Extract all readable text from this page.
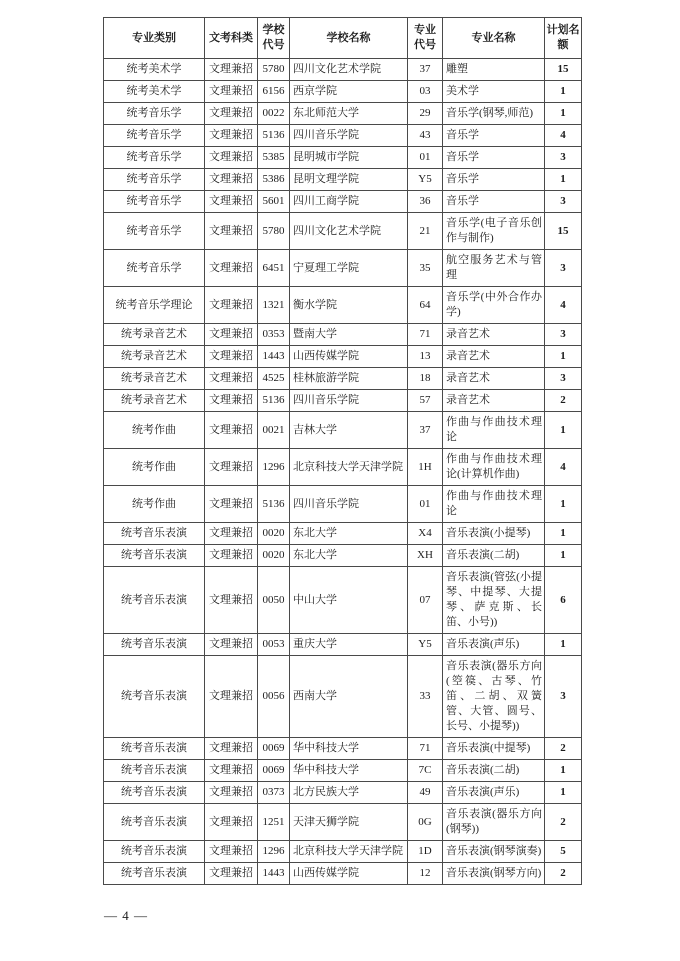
专业类别	文考科类	学校代号	学校名称	专业代号	专业名称	计划名额
统考美术学	文理兼招	5780	四川文化艺术学院	37	雕塑	15
统考美术学	文理兼招	6156	西京学院	03	美术学	1
统考音乐学	文理兼招	0022	东北师范大学	29	音乐学(钢琴,师范)	1
统考音乐学	文理兼招	5136	四川音乐学院	43	音乐学	4
统考音乐学	文理兼招	5385	昆明城市学院	01	音乐学	3
统考音乐学	文理兼招	5386	昆明文理学院	Y5	音乐学	1
统考音乐学	文理兼招	5601	四川工商学院	36	音乐学	3
统考音乐学	文理兼招	5780	四川文化艺术学院	21	音乐学(电子音乐创作与制作)	15
统考音乐学	文理兼招	6451	宁夏理工学院	35	航空服务艺术与管理	3
统考音乐学理论	文理兼招	1321	衡水学院	64	音乐学(中外合作办学)	4
统考录音艺术	文理兼招	0353	暨南大学	71	录音艺术	3
统考录音艺术	文理兼招	1443	山西传媒学院	13	录音艺术	1
统考录音艺术	文理兼招	4525	桂林旅游学院	18	录音艺术	3
统考录音艺术	文理兼招	5136	四川音乐学院	57	录音艺术	2
统考作曲	文理兼招	0021	吉林大学	37	作曲与作曲技术理论	1
统考作曲	文理兼招	1296	北京科技大学天津学院	1H	作曲与作曲技术理论(计算机作曲)	4
统考作曲	文理兼招	5136	四川音乐学院	01	作曲与作曲技术理论	1
统考音乐表演	文理兼招	0020	东北大学	X4	音乐表演(小提琴)	1
统考音乐表演	文理兼招	0020	东北大学	XH	音乐表演(二胡)	1
统考音乐表演	文理兼招	0050	中山大学	07	音乐表演(管弦(小提琴、中提琴、大提琴、萨克斯、长笛、小号))	6
统考音乐表演	文理兼招	0053	重庆大学	Y5	音乐表演(声乐)	1
统考音乐表演	文理兼招	0056	西南大学	33	音乐表演(器乐方向(箜篌、古琴、竹笛、二胡、双簧管、大管、圆号、长号、小提琴))	3
统考音乐表演	文理兼招	0069	华中科技大学	71	音乐表演(中提琴)	2
统考音乐表演	文理兼招	0069	华中科技大学	7C	音乐表演(二胡)	1
统考音乐表演	文理兼招	0373	北方民族大学	49	音乐表演(声乐)	1
统考音乐表演	文理兼招	1251	天津天狮学院	0G	音乐表演(器乐方向(钢琴))	2
统考音乐表演	文理兼招	1296	北京科技大学天津学院	1D	音乐表演(钢琴演奏)	5
统考音乐表演	文理兼招	1443	山西传媒学院	12	音乐表演(钢琴方向)	2
— 4 —
